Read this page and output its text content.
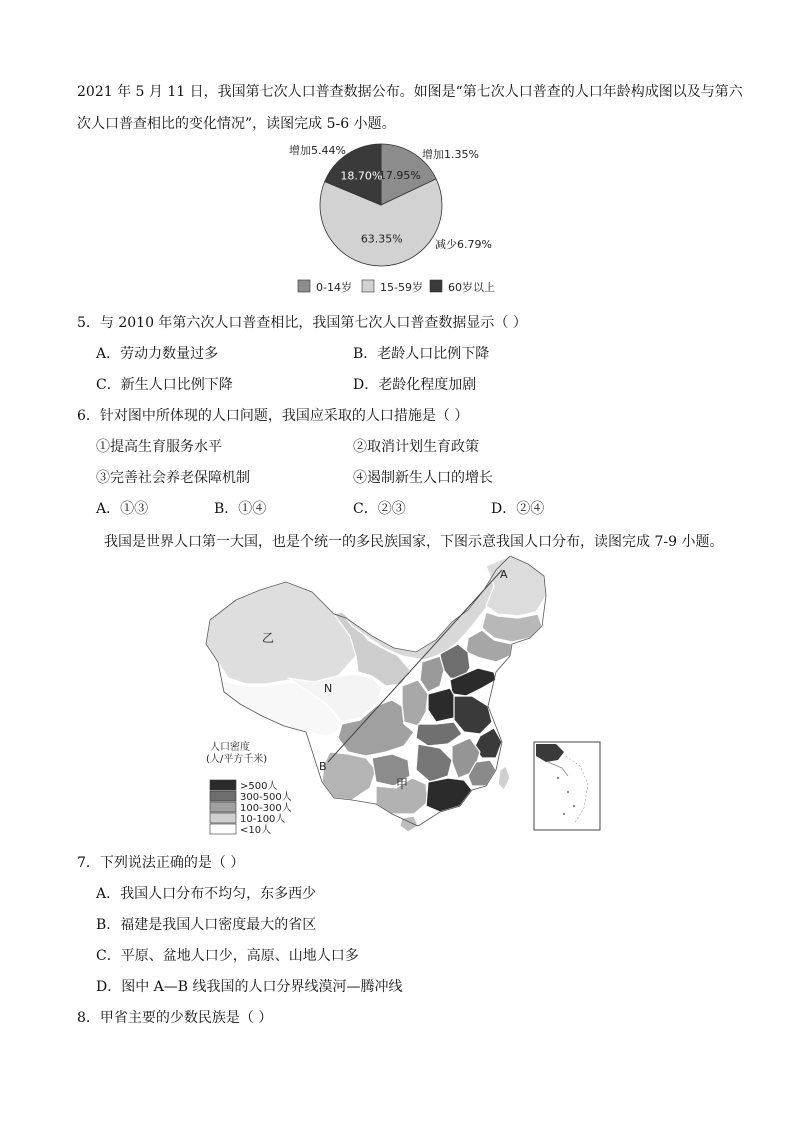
2021 年 5 月 11 日，我国第七次人口普查数据公布。如图是“第七次人口普查的人口年龄构成图以及与第六
次人口普查相比的变化情况”，读图完成 5-6 小题。
17.95%
63.35%
18.70%
增加1.35%
减少6.79%
增加5.44%
0-14岁	15-59岁 60岁以上
5．与 2010 年第六次人口普查相比，我国第七次人口普查数据显示（ ）
A．劳动力数量过多	B．老龄人口比例下降
C．新生人口比例下降	D．老龄化程度加剧
6．针对图中所体现的人口问题，我国应采取的人口措施是（ ）
①提高生育服务水平	②取消计划生育政策
③完善社会养老保障机制	④遏制新生人口的增长
A．①③	B．①④	C．②③	D．②④
我国是世界人口第一大国，也是个统一的多民族国家，下图示意我国人口分布，读图完成 7-9 小题。
A
B
乙
N
甲
人口密度
(人/平方千米)
>500人
300-500人
100-300人
10-100人
<10人
7．下列说法正确的是（ ）
A．我国人口分布不均匀，东多西少
B．福建是我国人口密度最大的省区
C．平原、盆地人口少，高原、山地人口多
D．图中 A—B 线我国的人口分界线漠河—腾冲线
8．甲省主要的少数民族是（ ）
